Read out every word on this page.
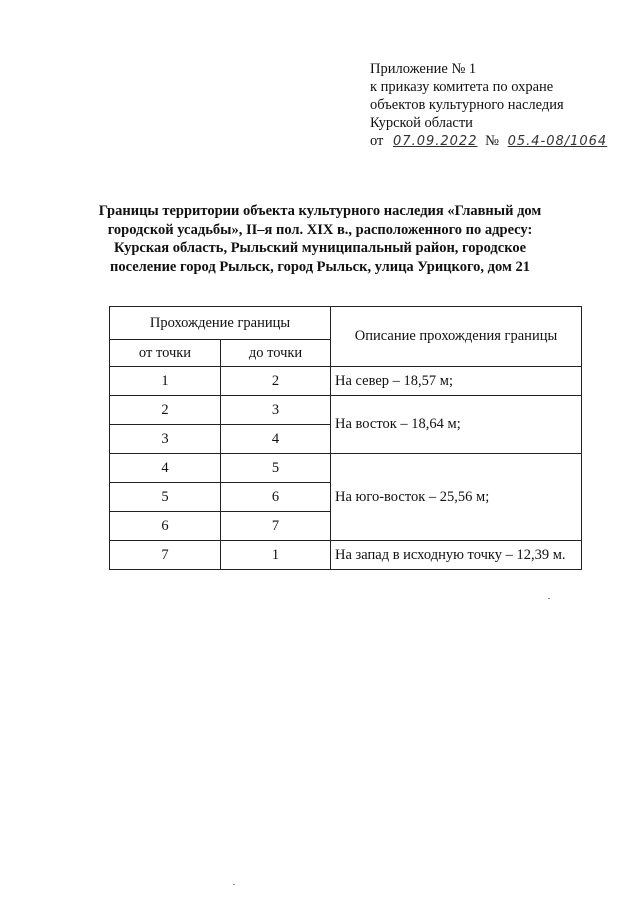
Приложение № 1
к приказу комитета по охране
объектов культурного наследия
Курской области
от 07.09.2022 № 05.4-08/1064
Границы территории объекта культурного наследия «Главный дом
городской усадьбы», II–я пол. XIX в., расположенного по адресу:
Курская область, Рыльский муниципальный район, городское
поселение город Рыльск, город Рыльск, улица Урицкого, дом 21
Прохождение границы		Описание прохождения границы
от точки	до точки	
1	2	На север – 18,57 м;
2	3	На восток – 18,64 м;
3	4	
4	5	На юго-восток – 25,56 м;
5	6	
6	7	
7	1	На запад в исходную точку – 12,39 м.
